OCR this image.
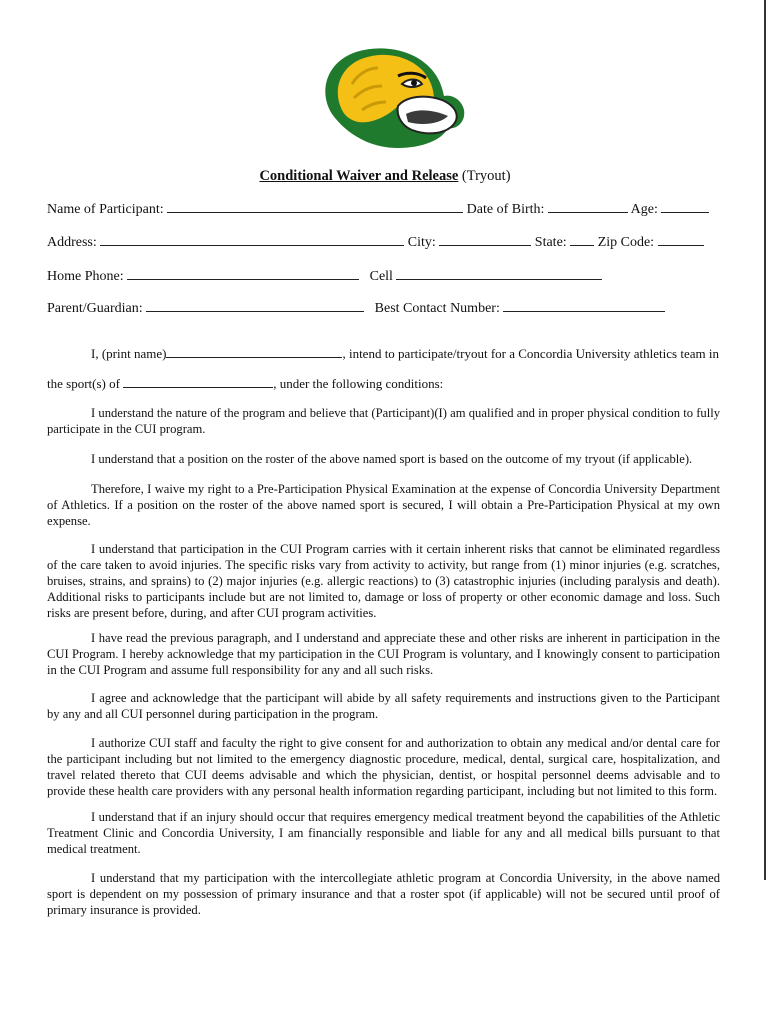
Conditional Waiver and Release (Tryout)
Name of Participant:	Date of Birth:	Age:
Address:	City:	State: Zip Code:
Home Phone:	Cell
Parent/Guardian:	Best Contact Number:
I, (print name)	, intend to participate/tryout for a Concordia University athletics team in
the sport(s) of	, under the following conditions:
I understand the nature of the program and believe that (Participant)(I) am qualified and in proper physical condition to fully participate in the CUI program.
I understand that a position on the roster of the above named sport is based on the outcome of my tryout (if applicable).
Therefore, I waive my right to a Pre-Participation Physical Examination at the expense of Concordia University Department of Athletics. If a position on the roster of the above named sport is secured, I will obtain a Pre-Participation Physical at my own expense.
I understand that participation in the CUI Program carries with it certain inherent risks that cannot be eliminated regardless of the care taken to avoid injuries. The specific risks vary from activity to activity, but range from (1) minor injuries (e.g. scratches, bruises, strains, and sprains) to (2) major injuries (e.g. allergic reactions) to (3) catastrophic injuries (including paralysis and death). Additional risks to participants include but are not limited to, damage or loss of property or other economic damage and loss. Such risks are present before, during, and after CUI program activities.
I have read the previous paragraph, and I understand and appreciate these and other risks are inherent in participation in the CUI Program. I hereby acknowledge that my participation in the CUI Program is voluntary, and I knowingly consent to participation in the CUI Program and assume full responsibility for any and all such risks.
I agree and acknowledge that the participant will abide by all safety requirements and instructions given to the Participant by any and all CUI personnel during participation in the program.
I authorize CUI staff and faculty the right to give consent for and authorization to obtain any medical and/or dental care for the participant including but not limited to the emergency diagnostic procedure, medical, dental, surgical care, hospitalization, and travel related thereto that CUI deems advisable and which the physician, dentist, or hospital personnel deems advisable and to provide these health care providers with any personal health information regarding participant, including but not limited to this form.
I understand that if an injury should occur that requires emergency medical treatment beyond the capabilities of the Athletic Treatment Clinic and Concordia University, I am financially responsible and liable for any and all medical bills pursuant to that medical treatment.
I understand that my participation with the intercollegiate athletic program at Concordia University, in the above named sport is dependent on my possession of primary insurance and that a roster spot (if applicable) will not be secured until proof of primary insurance is provided.
